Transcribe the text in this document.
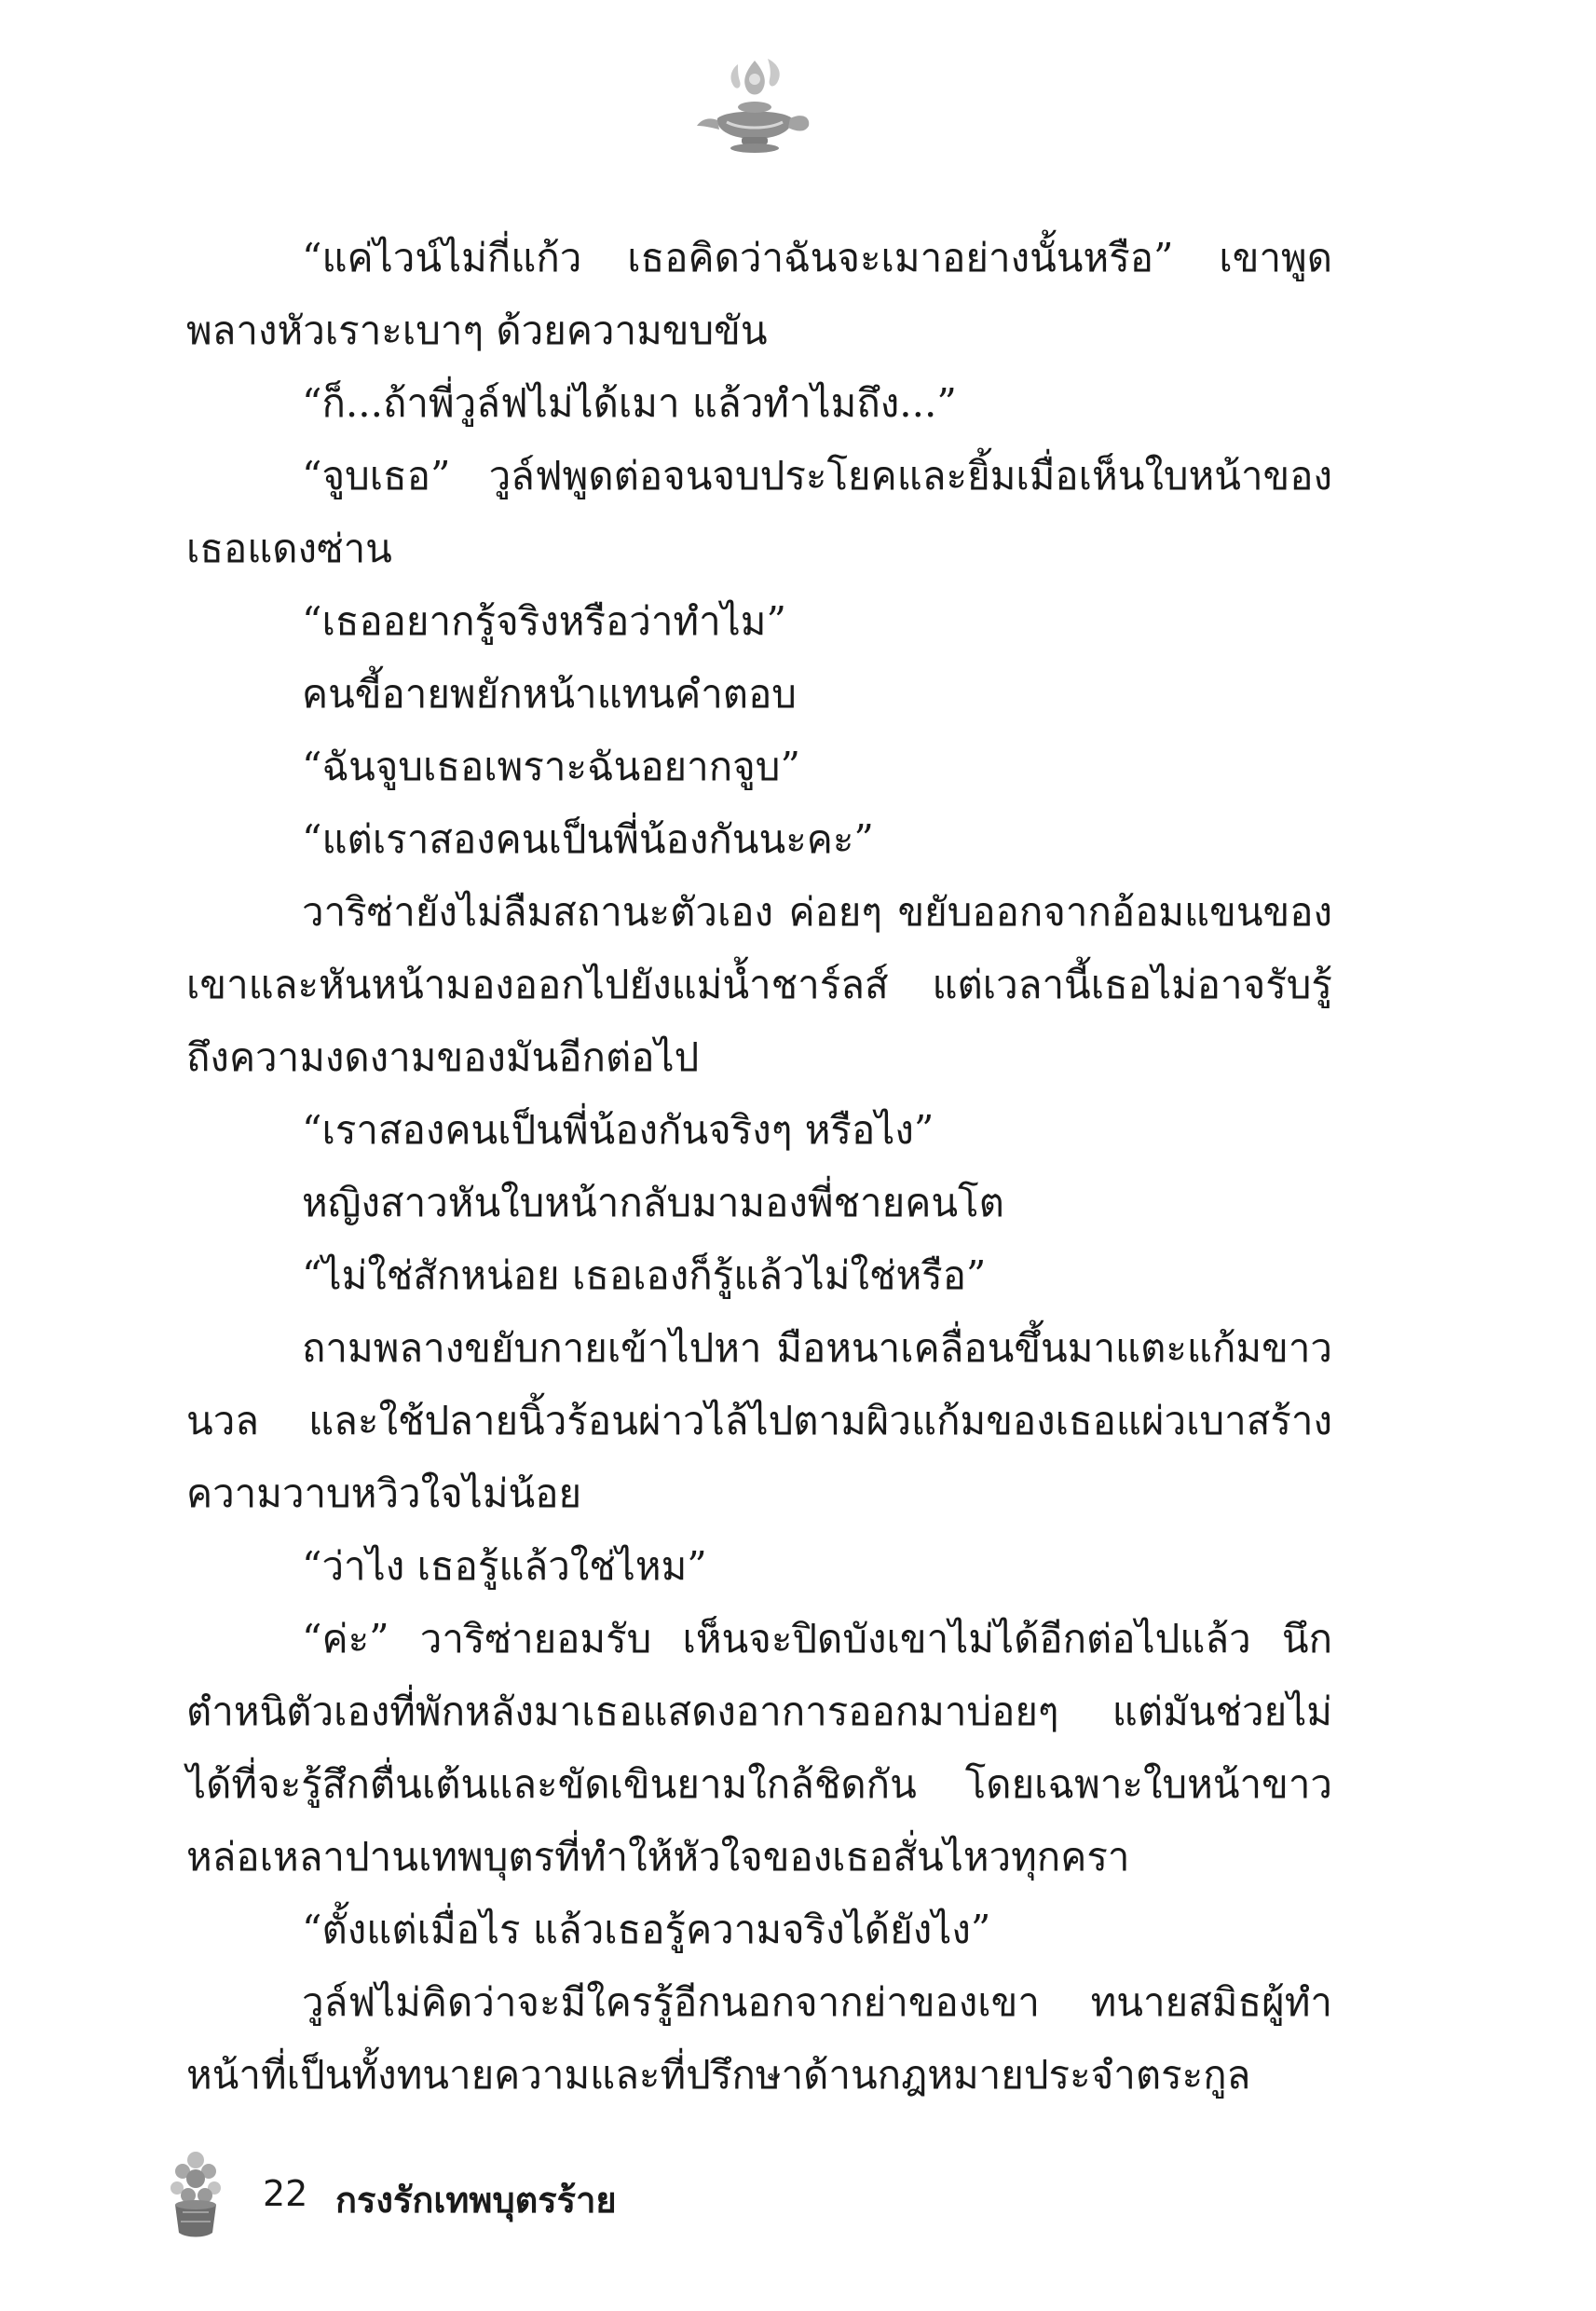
“แค่ไวน์ไม่กี่แก้ว เธอคิดว่าฉันจะเมาอย่างนั้นหรือ” เขาพูดพลางหัวเราะเบาๆ ด้วยความขบขัน

“ก็...ถ้าพี่วูล์ฟไม่ได้เมา แล้วทำไมถึง...”

“จูบเธอ” วูล์ฟพูดต่อจนจบประโยคและยิ้มเมื่อเห็นใบหน้าของเธอแดงซ่าน

“เธออยากรู้จริงหรือว่าทำไม”

คนขี้อายพยักหน้าแทนคำตอบ

“ฉันจูบเธอเพราะฉันอยากจูบ”

“แต่เราสองคนเป็นพี่น้องกันนะคะ”

วาริซ่ายังไม่ลืมสถานะตัวเอง ค่อยๆ ขยับออกจากอ้อมแขนของเขาและหันหน้ามองออกไปยังแม่น้ำชาร์ลส์ แต่เวลานี้เธอไม่อาจรับรู้ถึงความงดงามของมันอีกต่อไป

“เราสองคนเป็นพี่น้องกันจริงๆ หรือไง”

หญิงสาวหันใบหน้ากลับมามองพี่ชายคนโต

“ไม่ใช่สักหน่อย เธอเองก็รู้แล้วไม่ใช่หรือ”

ถามพลางขยับกายเข้าไปหา มือหนาเคลื่อนขึ้นมาแตะแก้มขาวนวล และใช้ปลายนิ้วร้อนผ่าวไล้ไปตามผิวแก้มของเธอแผ่วเบาสร้างความวาบหวิวใจไม่น้อย

“ว่าไง เธอรู้แล้วใช่ไหม”

“ค่ะ” วาริซ่ายอมรับ เห็นจะปิดบังเขาไม่ได้อีกต่อไปแล้ว นึกตำหนิตัวเองที่พักหลังมาเธอแสดงอาการออกมาบ่อยๆ แต่มันช่วยไม่ได้ที่จะรู้สึกตื่นเต้นและขัดเขินยามใกล้ชิดกัน โดยเฉพาะใบหน้าขาวหล่อเหลาปานเทพบุตรที่ทำให้หัวใจของเธอสั่นไหวทุกครา

“ตั้งแต่เมื่อไร แล้วเธอรู้ความจริงได้ยังไง”

วูล์ฟไม่คิดว่าจะมีใครรู้อีกนอกจากย่าของเขา ทนายสมิธผู้ทำหน้าที่เป็นทั้งทนายความและที่ปรึกษาด้านกฎหมายประจำตระกูล

22 กรงรักเทพบุตรร้าย
